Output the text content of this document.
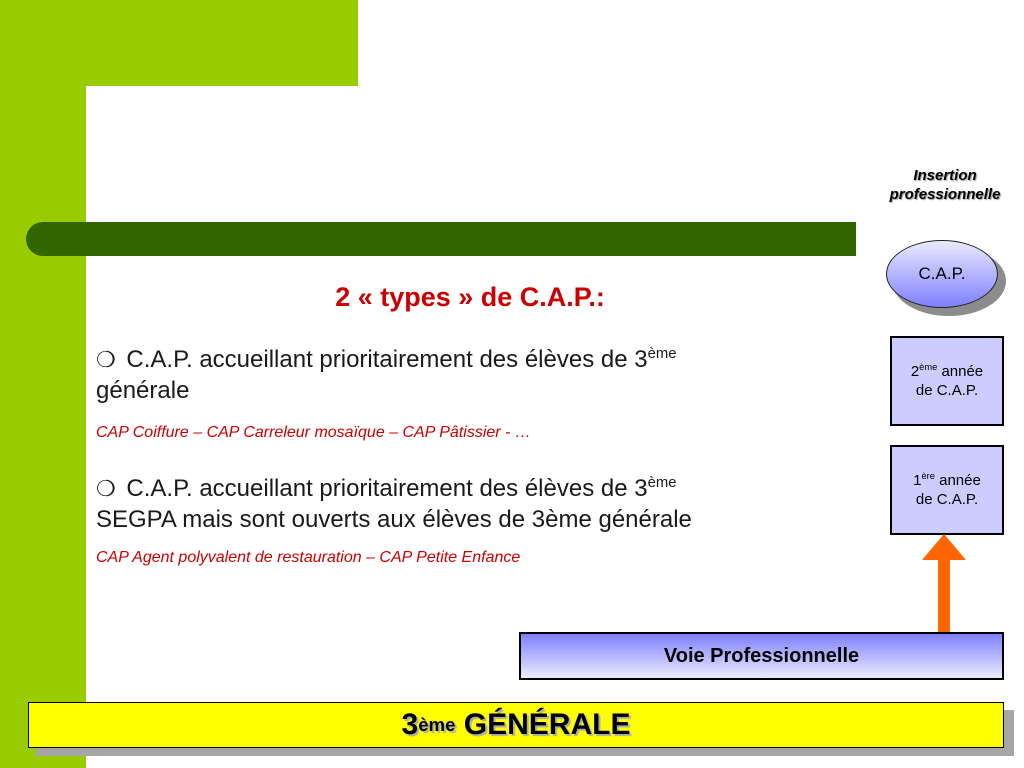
2 « types » de C.A.P.:
❍ C.A.P. accueillant prioritairement des élèves de 3ème
générale
CAP Coiffure – CAP Carreleur mosaïque – CAP Pâtissier - …
❍ C.A.P. accueillant prioritairement des élèves de 3ème
SEGPA mais sont ouverts aux élèves de 3ème générale
CAP Agent polyvalent de restauration – CAP Petite Enfance
Insertion
professionnelle
C.A.P.
2ème année
de C.A.P.
1ère année
de C.A.P.
Voie Professionnelle
3 ème
GÉNÉRALE
